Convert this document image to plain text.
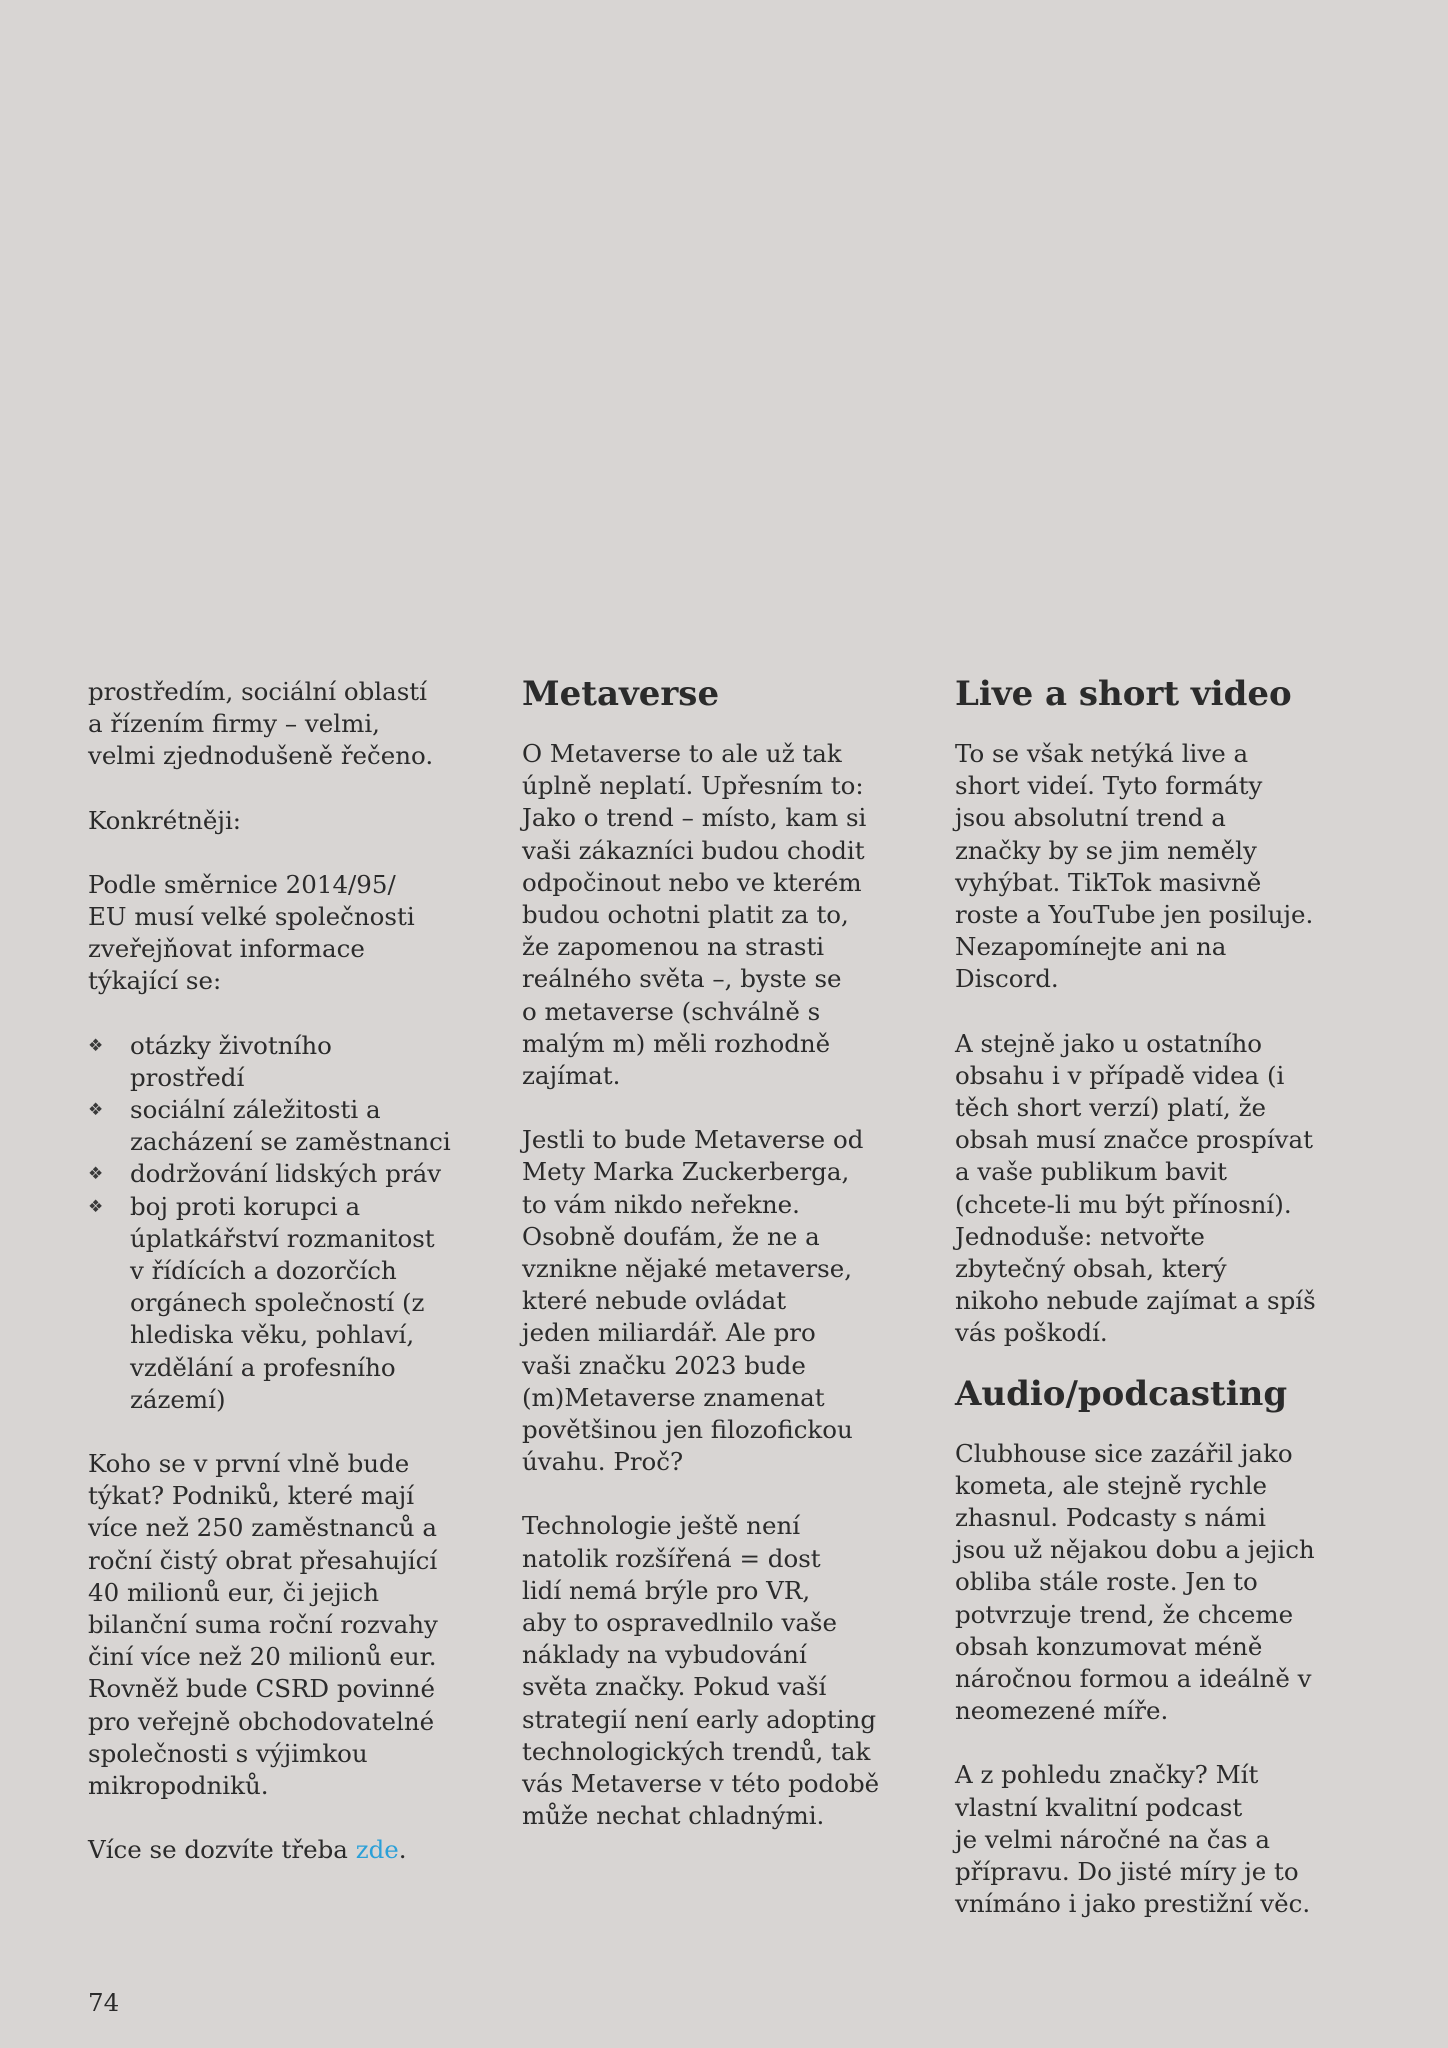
prostředím, sociální oblastí
a řízením firmy – velmi,
velmi zjednodušeně řečeno.

Konkrétněji:

Podle směrnice 2014/95/
EU musí velké společnosti
zveřejňovat informace
týkající se:

❖ otázky životního
prostředí
❖ sociální záležitosti a
zacházení se zaměstnanci
❖ dodržování lidských práv
❖ boj proti korupci a
úplatkářství rozmanitost
v řídících a dozorčích
orgánech společností (z
hlediska věku, pohlaví,
vzdělání a profesního
zázemí)

Koho se v první vlně bude
týkat? Podniků, které mají
více než 250 zaměstnanců a
roční čistý obrat přesahující
40 milionů eur, či jejich
bilanční suma roční rozvahy
činí více než 20 milionů eur.
Rovněž bude CSRD povinné
pro veřejně obchodovatelné
společnosti s výjimkou
mikropodniků.

Více se dozvíte třeba zde.

Metaverse

O Metaverse to ale už tak
úplně neplatí. Upřesním to:
Jako o trend – místo, kam si
vaši zákazníci budou chodit
odpočinout nebo ve kterém
budou ochotni platit za to,
že zapomenou na strasti
reálného světa –, byste se
o metaverse (schválně s
malým m) měli rozhodně
zajímat.

Jestli to bude Metaverse od
Mety Marka Zuckerberga,
to vám nikdo neřekne.
Osobně doufám, že ne a
vznikne nějaké metaverse,
které nebude ovládat
jeden miliardář. Ale pro
vaši značku 2023 bude
(m)Metaverse znamenat
povětšinou jen filozofickou
úvahu. Proč?

Technologie ještě není
natolik rozšířená = dost
lidí nemá brýle pro VR,
aby to ospravedlnilo vaše
náklady na vybudování
světa značky. Pokud vaší
strategií není early adopting
technologických trendů, tak
vás Metaverse v této podobě
může nechat chladnými.

Live a short video

To se však netýká live a
short videí. Tyto formáty
jsou absolutní trend a
značky by se jim neměly
vyhýbat. TikTok masivně
roste a YouTube jen posiluje.
Nezapomínejte ani na
Discord.

A stejně jako u ostatního
obsahu i v případě videa (i
těch short verzí) platí, že
obsah musí značce prospívat
a vaše publikum bavit
(chcete-li mu být přínosní).
Jednoduše: netvořte
zbytečný obsah, který
nikoho nebude zajímat a spíš
vás poškodí.

Audio/podcasting

Clubhouse sice zazářil jako
kometa, ale stejně rychle
zhasnul. Podcasty s námi
jsou už nějakou dobu a jejich
obliba stále roste. Jen to
potvrzuje trend, že chceme
obsah konzumovat méně
náročnou formou a ideálně v
neomezené míře.

A z pohledu značky? Mít
vlastní kvalitní podcast
je velmi náročné na čas a
přípravu. Do jisté míry je to
vnímáno i jako prestižní věc.

74
